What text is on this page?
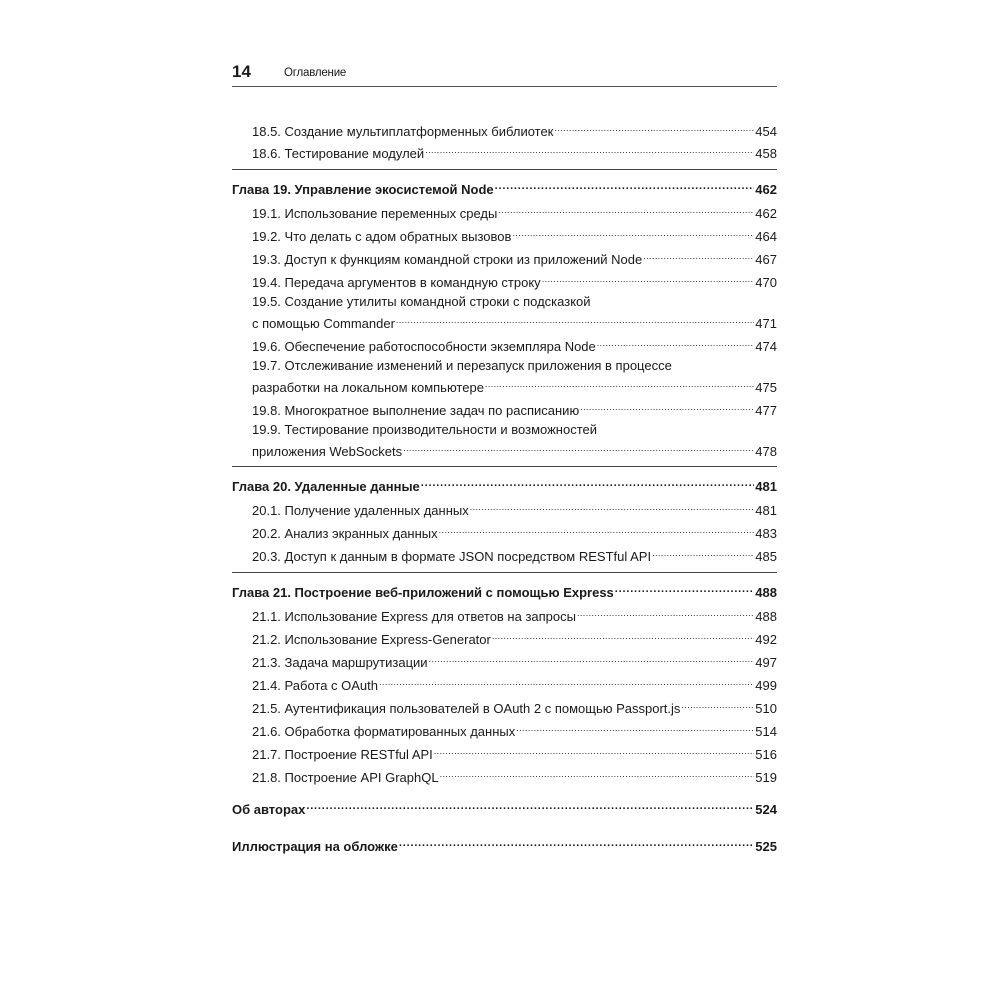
14	Оглавление
18.5. Создание мультиплатформенных библиотек .....	454
18.6. Тестирование модулей .....	458
Глава 19. Управление экосистемой Node .....	462
19.1. Использование переменных среды .....	462
19.2. Что делать с адом обратных вызовов .....	464
19.3. Доступ к функциям командной строки из приложений Node .....	467
19.4. Передача аргументов в командную строку .....	470
19.5. Создание утилиты командной строки с подсказкой
с помощью Commander .....	471
19.6. Обеспечение работоспособности экземпляра Node .....	474
19.7. Отслеживание изменений и перезапуск приложения в процессе
разработки на локальном компьютере .....	475
19.8. Многократное выполнение задач по расписанию .....	477
19.9. Тестирование производительности и возможностей
приложения WebSockets .....	478
Глава 20. Удаленные данные .....	481
20.1. Получение удаленных данных .....	481
20.2. Анализ экранных данных .....	483
20.3. Доступ к данным в формате JSON посредством RESTful API .....	485
Глава 21. Построение веб-приложений с помощью Express .....	488
21.1. Использование Express для ответов на запросы .....	488
21.2. Использование Express-Generator .....	492
21.3. Задача маршрутизации .....	497
21.4. Работа с OAuth .....	499
21.5. Аутентификация пользователей в OAuth 2 с помощью Passport.js .....	510
21.6. Обработка форматированных данных .....	514
21.7. Построение RESTful API .....	516
21.8. Построение API GraphQL .....	519
Об авторах .....	524
Иллюстрация на обложке .....	525
